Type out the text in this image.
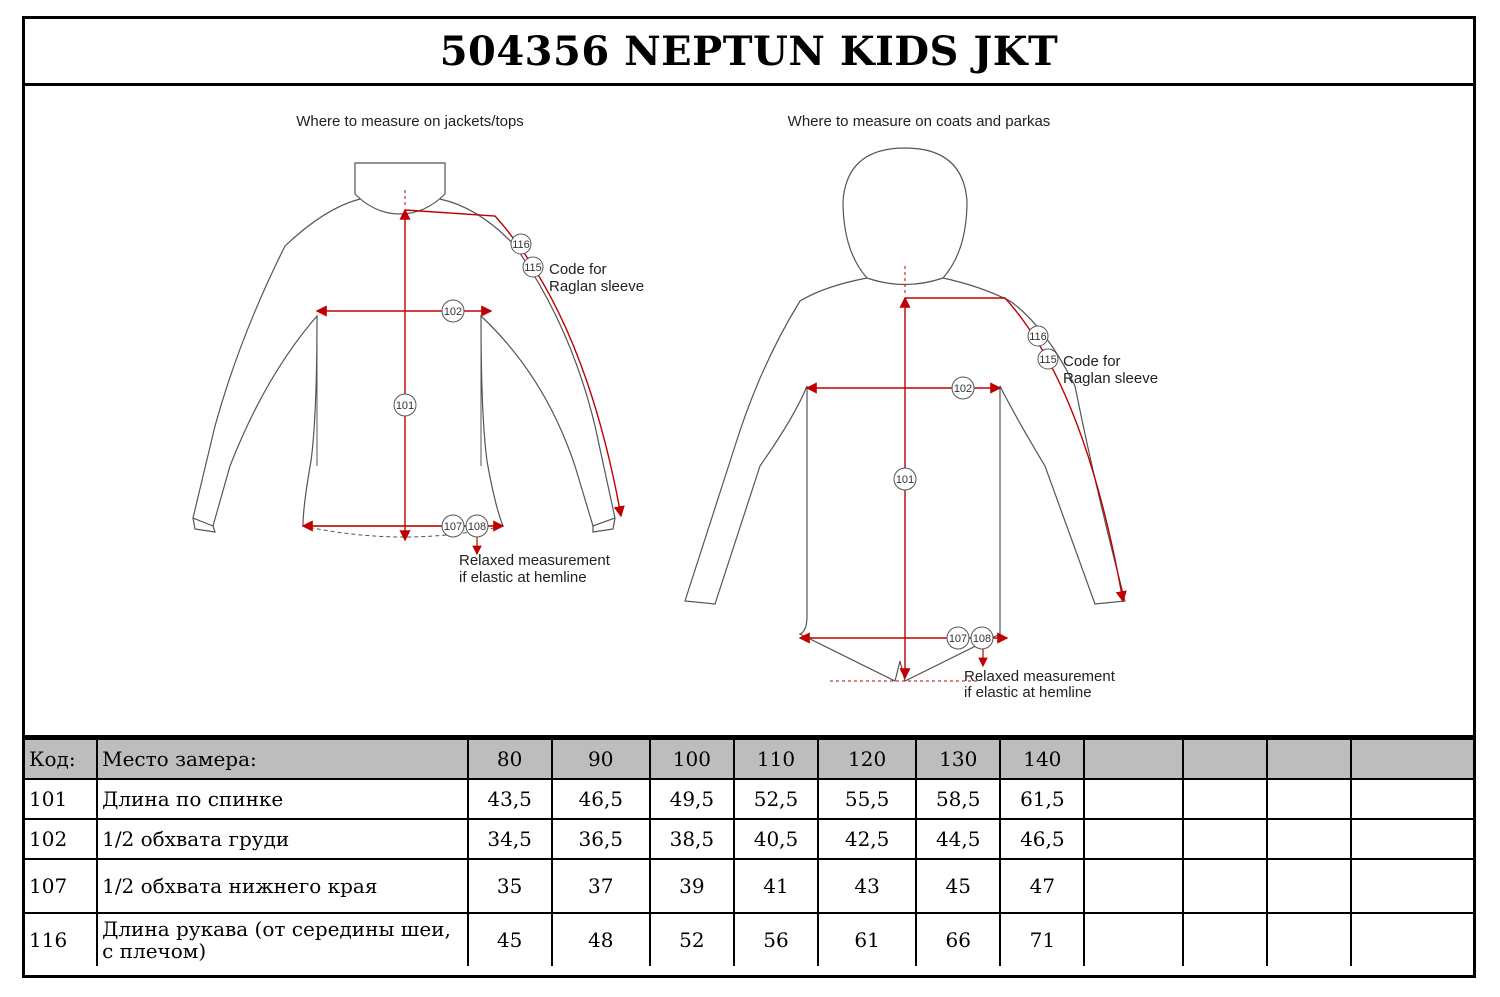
504356 NEPTUN KIDS JKT
Where to measure on jackets/tops
116
115
102
101
107 108
Code for
Raglan sleeve
Relaxed measurement
if elastic at hemline
Where to measure on coats and parkas
116
115
102
101
107 108
Code for
Raglan sleeve
Relaxed measurement
if elastic at hemline
Код:	Место замера:	80	90	100	110	120	130	140				
101	Длина по спинке	43,5	46,5	49,5	52,5	55,5	58,5	61,5				
102	1/2 обхвата груди	34,5	36,5	38,5	40,5	42,5	44,5	46,5				
107	1/2 обхвата нижнего края	35	37	39	41	43	45	47				
116	Длина рукава (от середины шеи, с плечом)	45	48	52	56	61	66	71				
